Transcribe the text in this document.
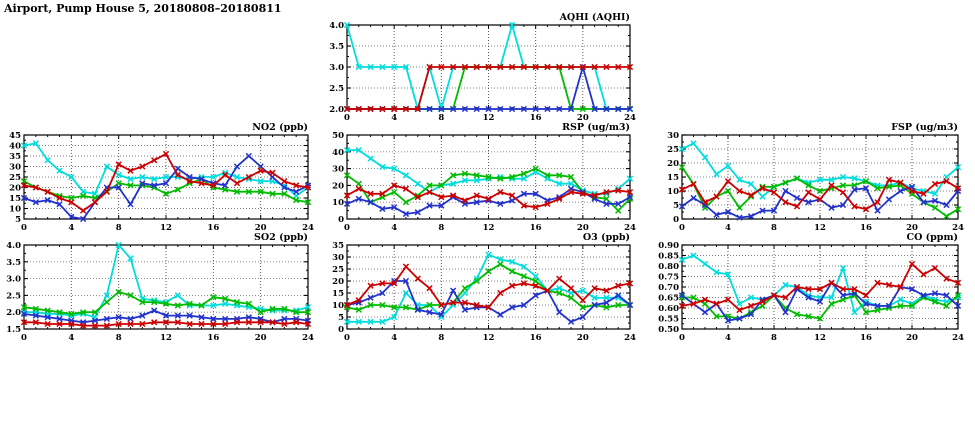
Airport, Pump House 5, 20180808–20180811
2.0
2.5
3.0
3.5
4.0
0	4	8	12	16	20	24
AQHI (AQHI)
5
10
15
20
25
30
35
40
45
0	4	8	12	16	20	24
NO2 (ppb)
0
10
20
30
40
50
0	4	8	12	16	20	24
RSP (ug/m3)
0
5
10
15
20
25
30
0	4	8	12	16	20	24
FSP (ug/m3)
1.5
2.0
2.5
3.0
3.5
4.0
0	4	8	12	16	20	24
SO2 (ppb)
0
5
10
15
20
25
30
35
0	4	8	12	16	20	24
O3 (ppb)
0.50
0.55
0.60
0.65
0.70
0.75
0.80
0.85
0.90
0	4	8	12	16	20	24
CO (ppm)
